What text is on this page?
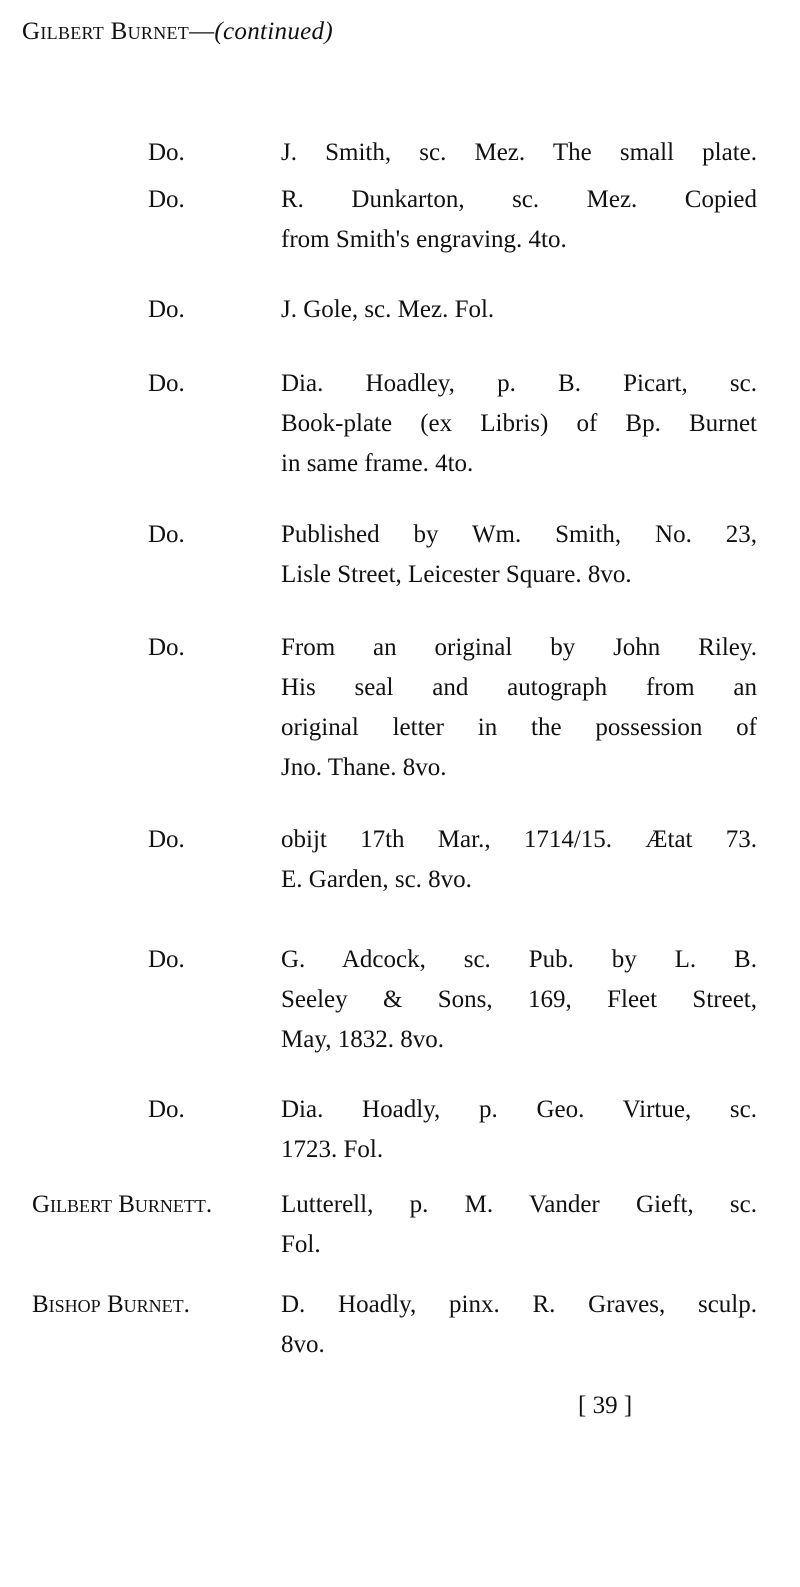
Gilbert Burnet—(continued)
Do.	J. Smith, sc. Mez. The small plate.
Do.	R. Dunkarton, sc. Mez. Copied
from Smith's engraving. 4to.
Do.	J. Gole, sc. Mez. Fol.
Do.	Dia. Hoadley, p. B. Picart, sc.
Book-plate (ex Libris) of Bp. Burnet
in same frame. 4to.
Do.	Published by Wm. Smith, No. 23,
Lisle Street, Leicester Square. 8vo.
Do.	From an original by John Riley.
His seal and autograph from an
original letter in the possession of
Jno. Thane. 8vo.
Do.	obijt 17th Mar., 1714/15. Ætat 73.
E. Garden, sc. 8vo.
Do.	G. Adcock, sc. Pub. by L. B.
Seeley & Sons, 169, Fleet Street,
May, 1832. 8vo.
Do.	Dia. Hoadly, p. Geo. Virtue, sc.
1723. Fol.
Gilbert Burnett.	Lutterell, p. M. Vander Gieft, sc.
Fol.
Bishop Burnet.	D. Hoadly, pinx. R. Graves, sculp.
8vo.
[ 39 ]
